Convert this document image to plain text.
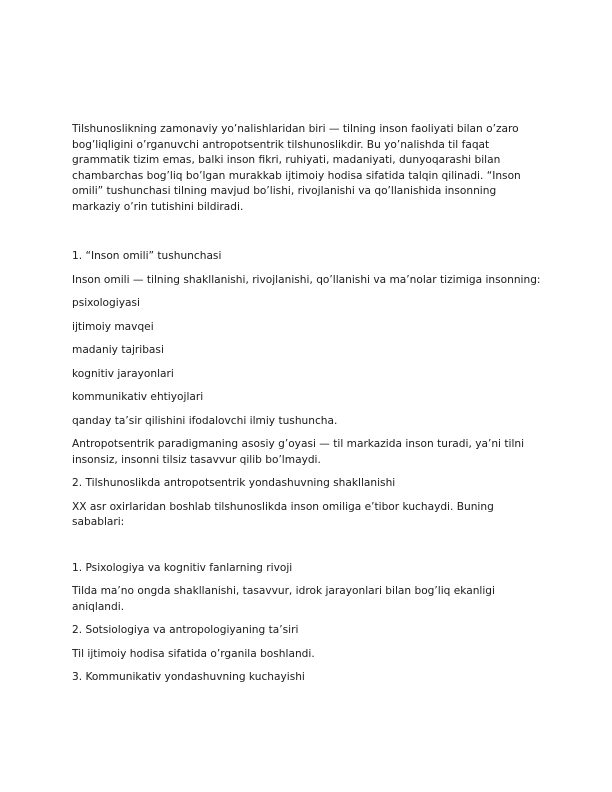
Tilshunoslikning zamonaviy yo’nalishlaridan biri — tilning inson faoliyati bilan o’zaro bog’liqligini o’rganuvchi antropotsentrik tilshunoslikdir. Bu yo’nalishda til faqat grammatik tizim emas, balki inson fikri, ruhiyati, madaniyati, dunyoqarashi bilan chambarchas bog’liq bo’lgan murakkab ijtimoiy hodisa sifatida talqin qilinadi. “Inson omili” tushunchasi tilning mavjud bo’lishi, rivojlanishi va qo’llanishida insonning markaziy o’rin tutishini bildiradi.

1. “Inson omili” tushunchasi

Inson omili — tilning shakllanishi, rivojlanishi, qo’llanishi va ma’nolar tizimiga insonning:

psixologiyasi

ijtimoiy mavqei

madaniy tajribasi

kognitiv jarayonlari

kommunikativ ehtiyojlari

qanday ta’sir qilishini ifodalovchi ilmiy tushuncha.

Antropotsentrik paradigmaning asosiy g’oyasi — til markazida inson turadi, ya’ni tilni insonsiz, insonni tilsiz tasavvur qilib bo’lmaydi.

2. Tilshunoslikda antropotsentrik yondashuvning shakllanishi

XX asr oxirlaridan boshlab tilshunoslikda inson omiliga e’tibor kuchaydi. Buning sabablari:

1. Psixologiya va kognitiv fanlarning rivoji

Tilda ma’no ongda shakllanishi, tasavvur, idrok jarayonlari bilan bog’liq ekanligi aniqlandi.

2. Sotsiologiya va antropologiyaning ta’siri

Til ijtimoiy hodisa sifatida o’rganila boshlandi.

3. Kommunikativ yondashuvning kuchayishi
